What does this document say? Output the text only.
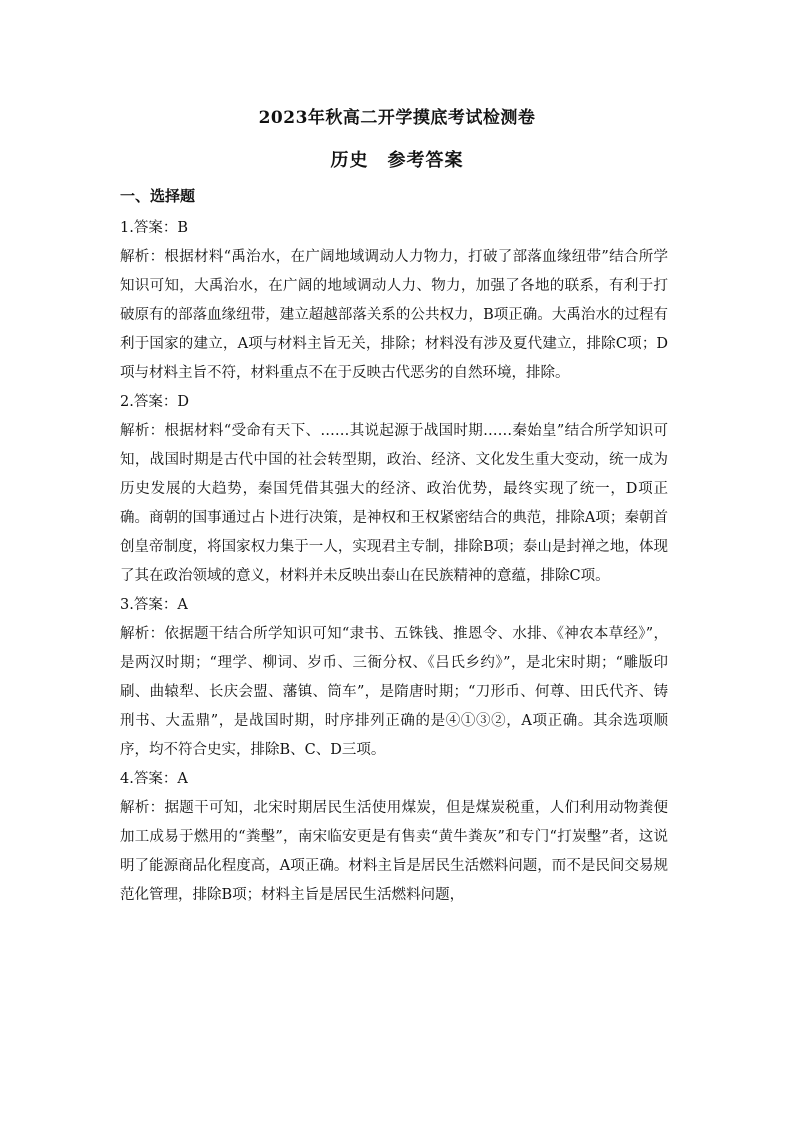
2023年秋高二开学摸底考试检测卷
历史　参考答案
一、选择题
1.答案：B

解析：根据材料“禹治水，在广阔地域调动人力物力，打破了部落血缘纽带”结合所学知识可知，大禹治水，在广阔的地域调动人力、物力，加强了各地的联系，有利于打破原有的部落血缘纽带，建立超越部落关系的公共权力，B项正确。大禹治水的过程有利于国家的建立，A项与材料主旨无关，排除；材料没有涉及夏代建立，排除C项；D项与材料主旨不符，材料重点不在于反映古代恶劣的自然环境，排除。

2.答案：D

解析：根据材料“受命有天下、……其说起源于战国时期……秦始皇”结合所学知识可知，战国时期是古代中国的社会转型期，政治、经济、文化发生重大变动，统一成为历史发展的大趋势，秦国凭借其强大的经济、政治优势，最终实现了统一，D项正确。商朝的国事通过占卜进行决策，是神权和王权紧密结合的典范，排除A项；秦朝首创皇帝制度，将国家权力集于一人，实现君主专制，排除B项；泰山是封禅之地，体现了其在政治领域的意义，材料并未反映出泰山在民族精神的意蕴，排除C项。

3.答案：A

解析：依据题干结合所学知识可知“隶书、五铢钱、推恩令、水排、《神农本草经》”，是两汉时期；“理学、柳词、岁币、三衙分权、《吕氏乡约》”，是北宋时期；“雕版印刷、曲辕犁、长庆会盟、藩镇、筒车”，是隋唐时期；“刀形币、何尊、田氏代齐、铸刑书、大盂鼎”，是战国时期，时序排列正确的是④①③②，A项正确。其余选项顺序，均不符合史实，排除B、C、D三项。

4.答案：A

解析：据题干可知，北宋时期居民生活使用煤炭，但是煤炭税重，人们利用动物粪便加工成易于燃用的“粪墼”，南宋临安更是有售卖“黄牛粪灰”和专门“打炭墼”者，这说明了能源商品化程度高，A项正确。材料主旨是居民生活燃料问题，而不是民间交易规范化管理，排除B项；材料主旨是居民生活燃料问题，
